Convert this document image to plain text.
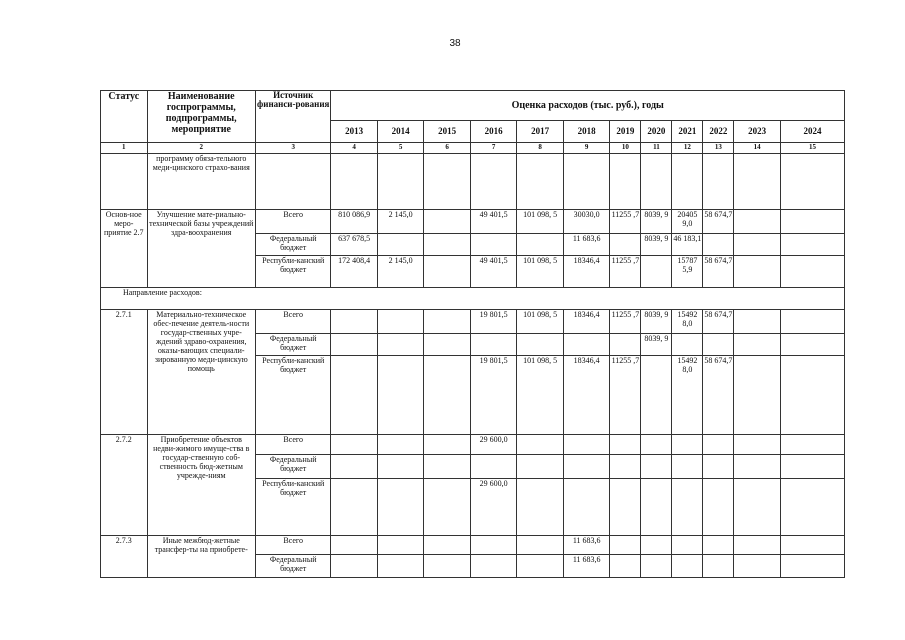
38
Статус	Наименование госпрограммы, подпрограммы, мероприятие	Источник финанси-рования	Оценка расходов (тыс. руб.), годы											
			2013	2014	2015	2016	2017	2018	2019	2020	2021	2022	2023	2024
1	2	3	4	5	6	7	8	9	10	11	12	13	14	15
	программу обяза-тельного меди-цинского страхо-вания													
Основ-ное меро-приятие 2.7	Улучшение мате-риально-технической базы учреждений здра-воохранения	Всего	810 086,9	2 145,0		49 401,5	101 098, 5	30030,0	11255 ,7	8039, 9	20405 9,0	58 674,7		
		Федеральный бюджет	637 678,5					11 683,6		8039, 9	46 183,1			
		Республи-канский бюджет	172 408,4	2 145,0		49 401,5	101 098, 5	18346,4	11255 ,7		15787 5,9	58 674,7		
Направление расходов:														
2.7.1	Материально-техническое обес-печение деятель-ности государ-ственных учре-ждений здраво-охранения, оказы-вающих специали-зированную меди-цинскую помощь	Всего				19 801,5	101 098, 5	18346,4	11255 ,7	8039, 9	15492 8,0	58 674,7		
		Федеральный бюджет								8039, 9				
		Республи-канский бюджет				19 801,5	101 098, 5	18346,4	11255 ,7		15492 8,0	58 674,7		
2.7.2	Приобретение объектов недви-жимого имуще-ства в государ-ственную соб-ственность бюд-жетным учрежде-ниям	Всего				29 600,0								
		Федеральный бюджет												
		Республи-канский бюджет				29 600,0								
2.7.3	Иные межбюд-жетные трансфер-ты на приобрете-	Всего						11 683,6						
		Федеральный бюджет						11 683,6						
